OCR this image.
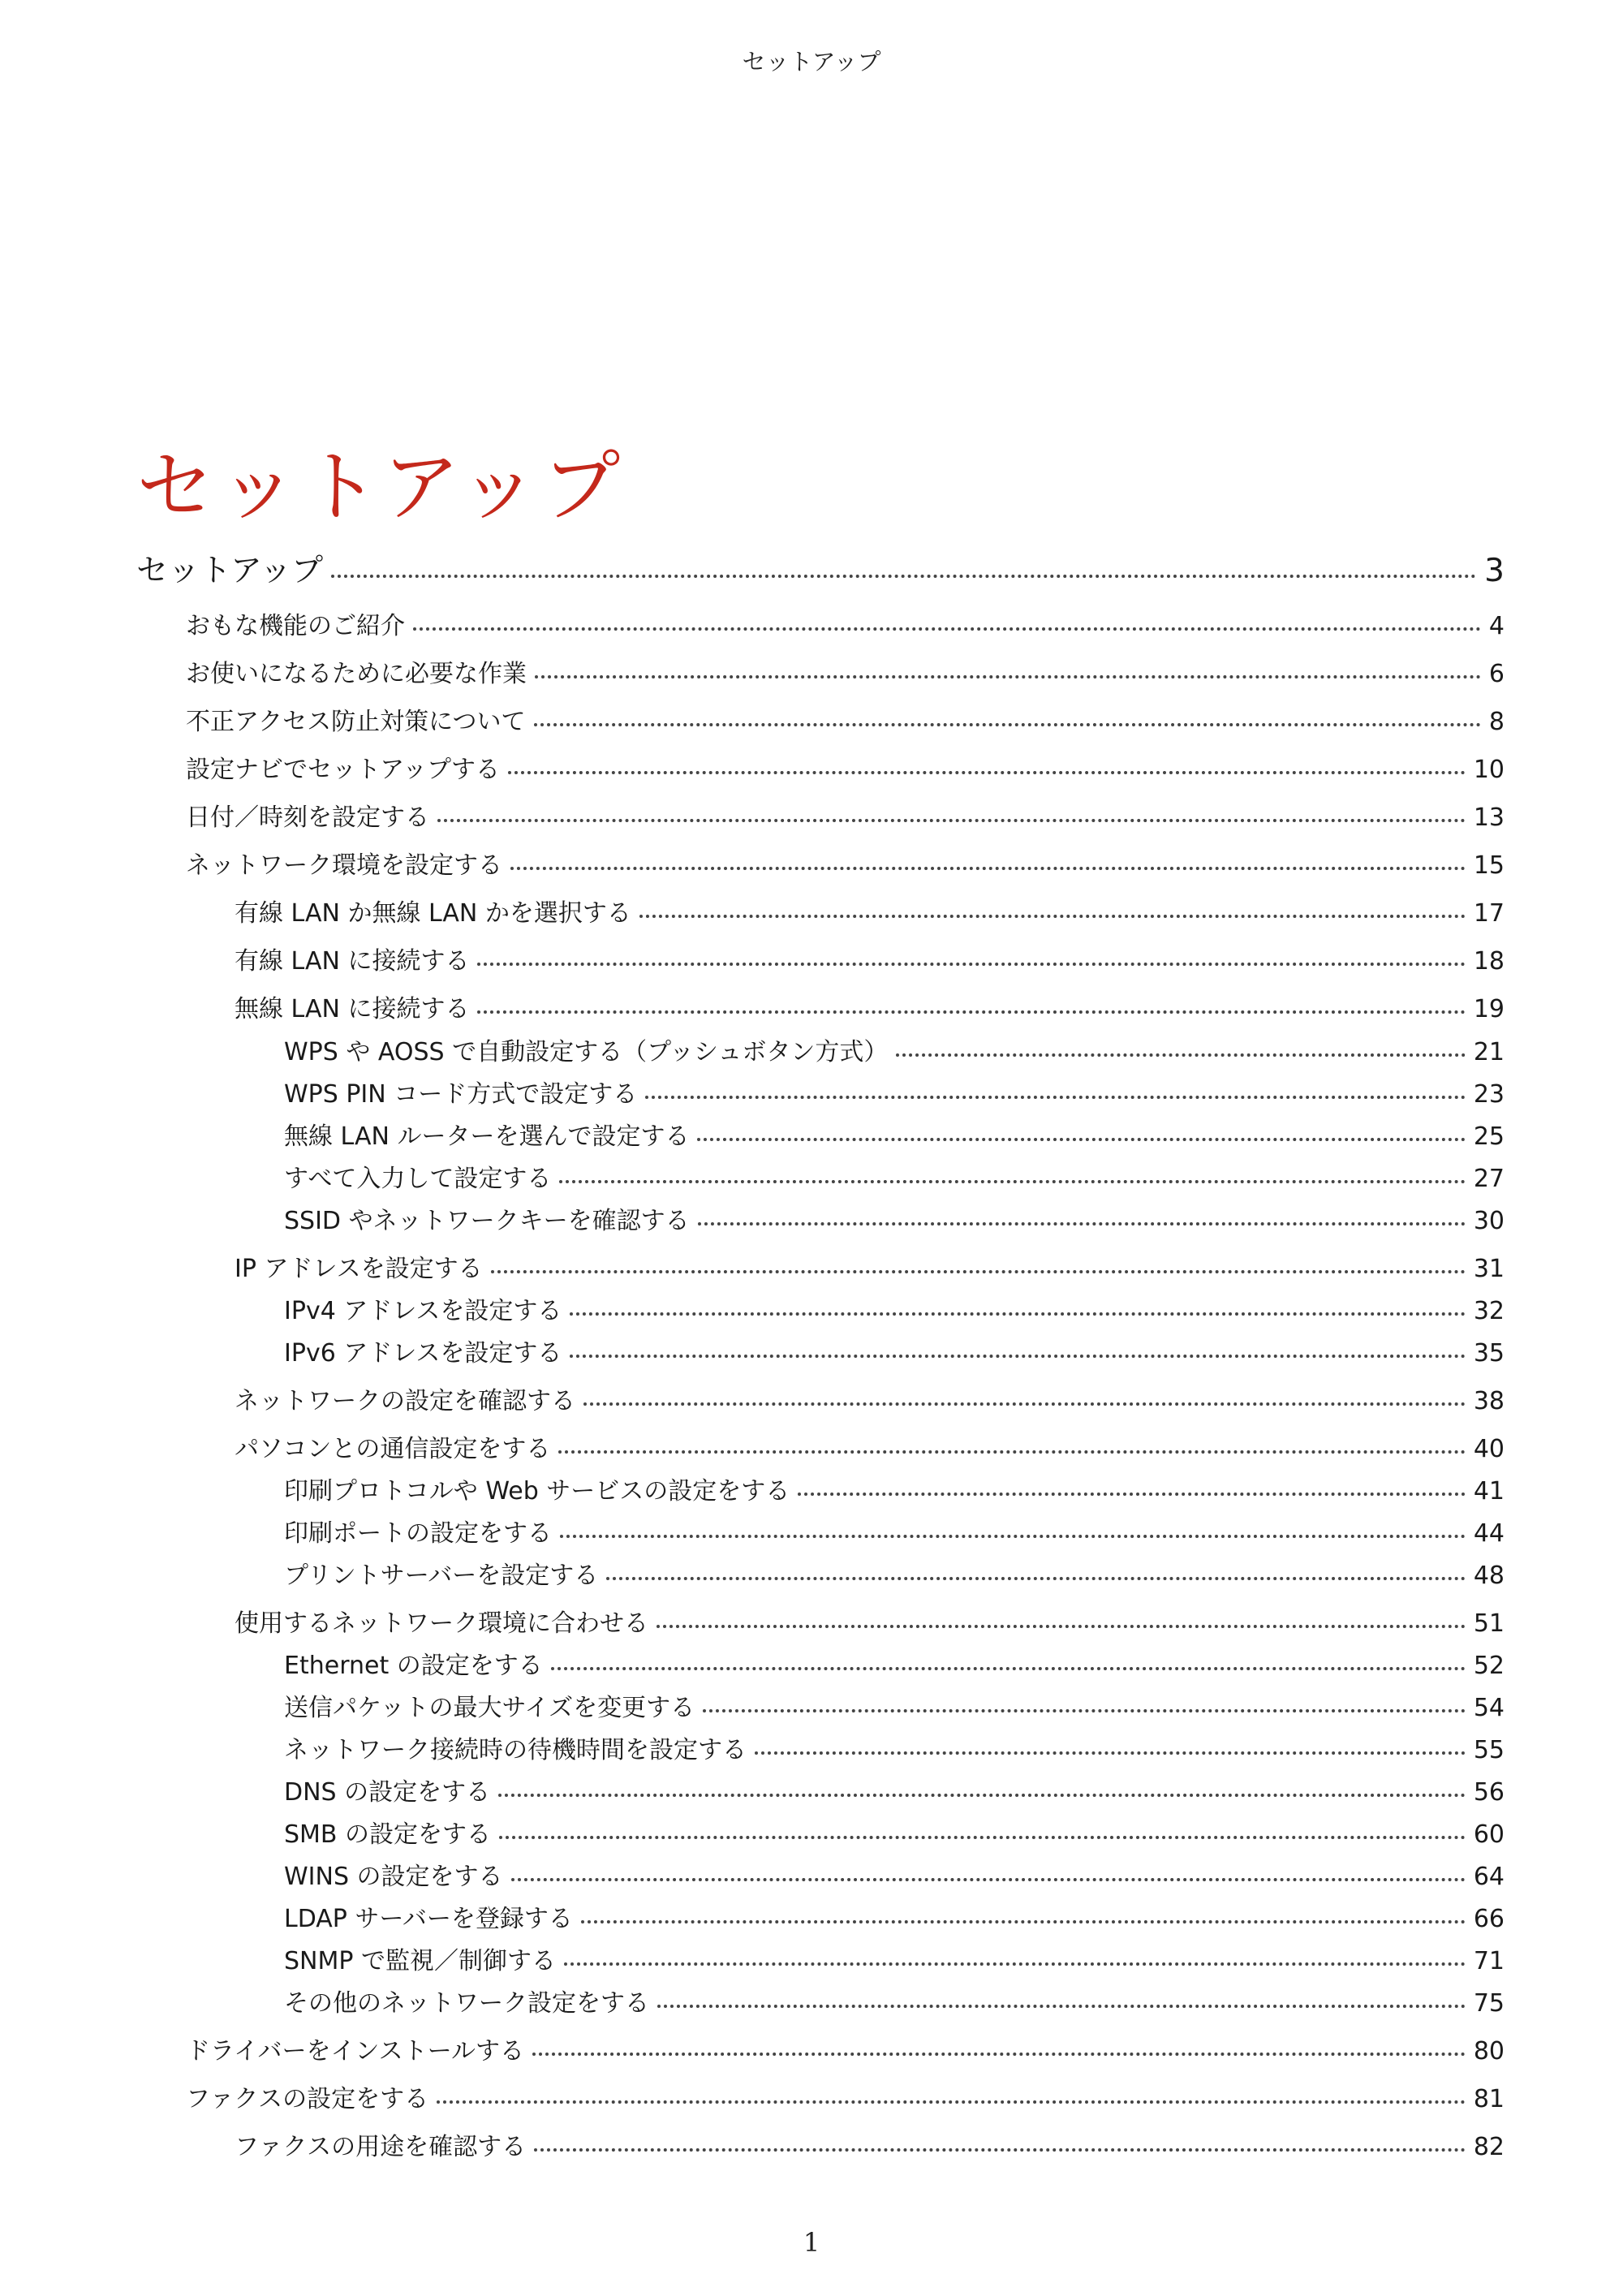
セットアップ
セットアップ
セットアップ	3
おもな機能のご紹介	4
お使いになるために必要な作業	6
不正アクセス防止対策について	8
設定ナビでセットアップする	10
日付／時刻を設定する	13
ネットワーク環境を設定する	15
有線 LAN か無線 LAN かを選択する	17
有線 LAN に接続する	18
無線 LAN に接続する	19
WPS や AOSS で自動設定する（プッシュボタン方式）	21
WPS PIN コード方式で設定する	23
無線 LAN ルーターを選んで設定する	25
すべて入力して設定する	27
SSID やネットワークキーを確認する	30
IP アドレスを設定する	31
IPv4 アドレスを設定する	32
IPv6 アドレスを設定する	35
ネットワークの設定を確認する	38
パソコンとの通信設定をする	40
印刷プロトコルや Web サービスの設定をする	41
印刷ポートの設定をする	44
プリントサーバーを設定する	48
使用するネットワーク環境に合わせる	51
Ethernet の設定をする	52
送信パケットの最大サイズを変更する	54
ネットワーク接続時の待機時間を設定する	55
DNS の設定をする	56
SMB の設定をする	60
WINS の設定をする	64
LDAP サーバーを登録する	66
SNMP で監視／制御する	71
その他のネットワーク設定をする	75
ドライバーをインストールする	80
ファクスの設定をする	81
ファクスの用途を確認する	82
1
